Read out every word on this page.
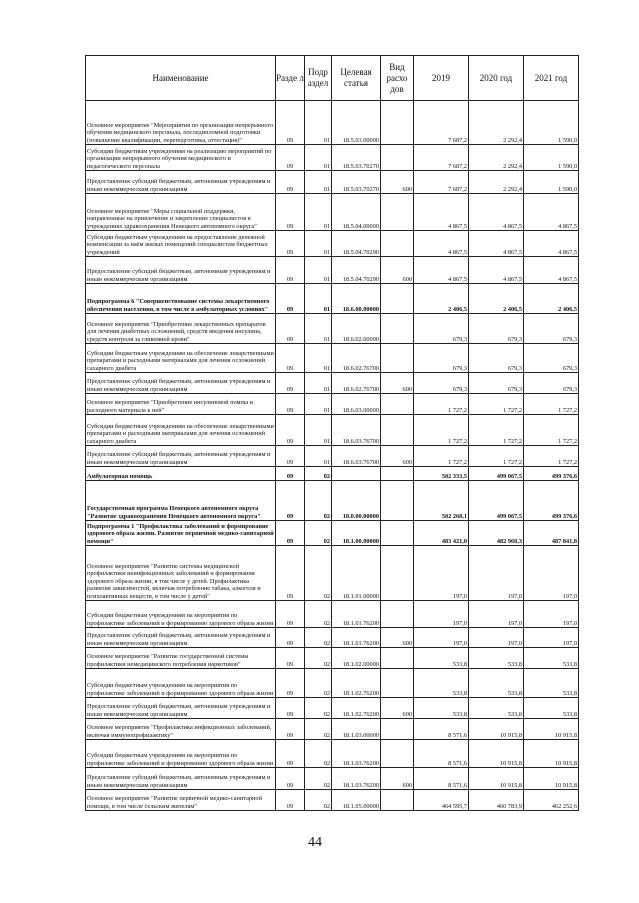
Наименование	Разде л	Подр аздел	Целевая статья	Вид расхо дов	2019	2020 год	2021 год
Основное мероприятие "Мероприятия по организации непрерывного обучения медицинского персонала, последипломной подготовки (повышение квалификации, переподготовка, аттестация)"	09	01	18.5.03.00000		7 687,2	2 292,4	1 590,0
Субсидии бюджетным учреждениям на реализацию мероприятий по организации непрерывного обучения медицинского и педагогического персонала	09	01	18.5.03.70270		7 687,2	2 292,4	1 590,0
Предоставление субсидий бюджетным, автономным учреждениям и иным некоммерческим организациям	09	01	18.5.03.70270	600	7 687,2	2 292,4	1 590,0
Основное мероприятие "Меры социальной поддержки, направленные на привлечение и закрепление специалистов в учреждениях здравоохранения Ненецкого автономного округа"	09	01	18.5.04.00000		4 867,5	4 867,5	4 867,5
Субсидии бюджетным учреждениям на предоставление денежной компенсации за наём жилых помещений специалистам бюджетных учреждений	09	01	18.5.04.70290		4 867,5	4 867,5	4 867,5
Предоставление субсидий бюджетным, автономным учреждениям и иным некоммерческим организациям	09	01	18.5.04.70290	600	4 867,5	4 867,5	4 867,5
Подпрограмма 6 "Совершенствование системы лекарственного обеспечения населения, в том числе в амбулаторных условиях"	09	01	18.6.00.00000		2 406,5	2 406,5	2 406,5
Основное мероприятие "Приобретение лекарственных препаратов для лечения диабетных осложнений, средств введения инсулина, средств контроля за гликемией крови"	09	01	18.6.02.00000		679,3	679,3	679,3
Субсидии бюджетным учреждениям на обеспечение лекарственными препаратами и расходными материалами для лечения осложнений сахарного диабета	09	01	18.6.02.76700		679,3	679,3	679,3
Предоставление субсидий бюджетным, автономным учреждениям и иным некоммерческим организациям	09	01	18.6.02.76700	600	679,3	679,3	679,3
Основное мероприятие "Приобретение инсулиновой помпы и расходного материала к ней"	09	01	18.6.03.00000		1 727,2	1 727,2	1 727,2
Субсидии бюджетным учреждениям на обеспечение лекарственными препаратами и расходными материалами для лечения осложнений сахарного диабета	09	01	18.6.03.76700		1 727,2	1 727,2	1 727,2
Предоставление субсидий бюджетным, автономным учреждениям и иным некоммерческим организациям	09	01	18.6.03.76700	600	1 727,2	1 727,2	1 727,2
Амбулаторная помощь	09	02			502 333,5	499 067,5	499 376,6
Государственная программа Ненецкого автономного округа "Развитие здравоохранения Ненецкого автономного округа"	09	02	18.0.00.00000		502 268,1	499 067,5	499 376,6
Подпрограмма 1 "Профилактика заболеваний и формирование здорового образа жизни. Развитие первичной медико-санитарной помощи"	09	02	18.1.00.00000		483 421,0	482 960,3	487 841,8
Основное мероприятие "Развитие системы медицинской профилактики неинфекционных заболеваний и формирования здорового образа жизни, в том числе у детей. Профилактика развития зависимостей, включая потребление табака, алкоголя и психоактивных веществ, в том числе у детей"	09	02	18.1.01.00000		197,0	197,0	197,0
Субсидии бюджетным учреждениям на мероприятия по профилактике заболеваний и формированию здорового образа жизни	09	02	18.1.01.76200		197,0	197,0	197,0
Предоставление субсидий бюджетным, автономным учреждениям и иным некоммерческим организациям	09	02	18.1.01.76200	600	197,0	197,0	197,0
Основное мероприятие "Развитие государственной системы профилактики немедицинского потребления наркотиков"	09	02	18.1.02.00000		533,8	533,8	533,8
Субсидии бюджетным учреждениям на мероприятия по профилактике заболеваний и формированию здорового образа жизни	09	02	18.1.02.76200		533,8	533,8	533,8
Предоставление субсидий бюджетным, автономным учреждениям и иным некоммерческим организациям	09	02	18.1.02.76200	600	533,8	533,8	533,8
Основное мероприятие "Профилактика инфекционных заболеваний, включая иммунопрофилактику"	09	02	18.1.03.00000		8 571,6	10 915,8	10 915,8
Субсидии бюджетным учреждениям на мероприятия по профилактике заболеваний и формированию здорового образа жизни	09	02	18.1.03.76200		8 571,6	10 915,8	10 915,8
Предоставление субсидий бюджетным, автономным учреждениям и иным некоммерческим организациям	09	02	18.1.03.76200	600	8 571,6	10 915,8	10 915,8
Основное мероприятие "Развитие первичной медико-санитарной помощи, в том числе сельским жителям"	09	02	18.1.05.00000		464 595,7	460 783,9	462 252,6
44
